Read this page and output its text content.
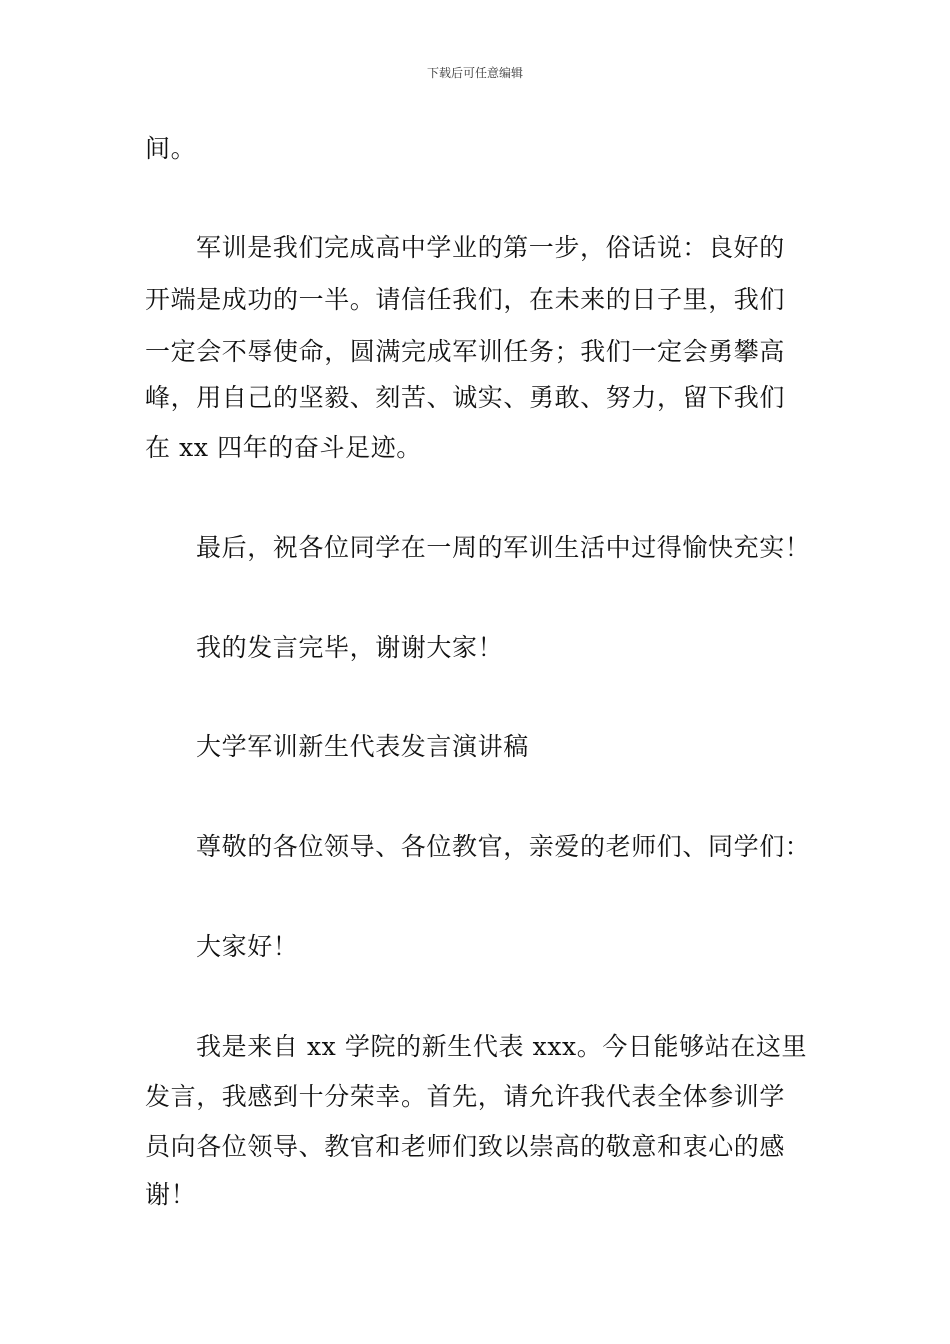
下载后可任意编辑
间。
军训是我们完成高中学业的第一步，俗话说：良好的
开端是成功的一半。请信任我们，在未来的日子里，我们
一定会不辱使命，圆满完成军训任务；我们一定会勇攀高
峰，用自己的坚毅、刻苦、诚实、勇敢、努力，留下我们
在 xx 四年的奋斗足迹。
最后，祝各位同学在一周的军训生活中过得愉快充实！
我的发言完毕，谢谢大家！
大学军训新生代表发言演讲稿
尊敬的各位领导、各位教官，亲爱的老师们、同学们：
大家好！
我是来自 xx 学院的新生代表 xxx。今日能够站在这里
发言，我感到十分荣幸。首先，请允许我代表全体参训学
员向各位领导、教官和老师们致以崇高的敬意和衷心的感
谢！
